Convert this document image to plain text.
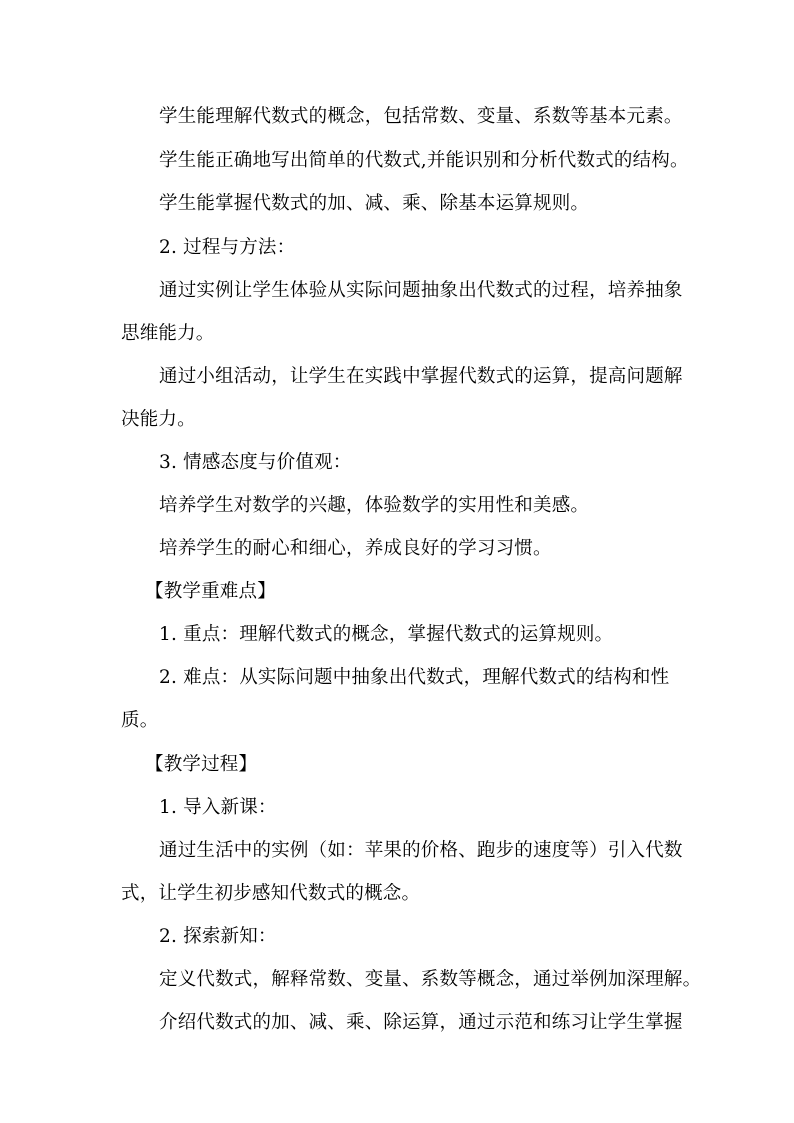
学生能理解代数式的概念，包括常数、变量、系数等基本元素。
学生能正确地写出简单的代数式,并能识别和分析代数式的结构。
学生能掌握代数式的加、减、乘、除基本运算规则。
2. 过程与方法：
通过实例让学生体验从实际问题抽象出代数式的过程，培养抽象
思维能力。
通过小组活动，让学生在实践中掌握代数式的运算，提高问题解
决能力。
3. 情感态度与价值观：
培养学生对数学的兴趣，体验数学的实用性和美感。
培养学生的耐心和细心，养成良好的学习习惯。
【教学重难点】
1. 重点：理解代数式的概念，掌握代数式的运算规则。
2. 难点：从实际问题中抽象出代数式，理解代数式的结构和性
质。
【教学过程】
1. 导入新课：
通过生活中的实例（如：苹果的价格、跑步的速度等）引入代数
式，让学生初步感知代数式的概念。
2. 探索新知：
定义代数式，解释常数、变量、系数等概念，通过举例加深理解。
介绍代数式的加、减、乘、除运算，通过示范和练习让学生掌握
